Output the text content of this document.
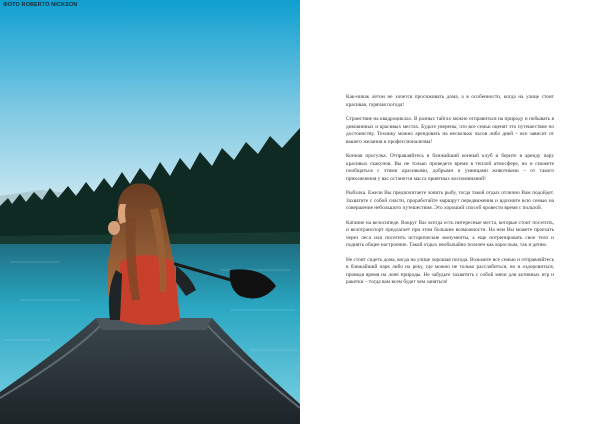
ФОТО ROBERTO NICKSON

Как-никак летом не хочется просиживать дома, а в особенности, когда на улице стоит красивая, горячая погода!

Странствие на квадроциклах. В разных тайгах можно отправиться на природу и побывать в диковинных и красивых местах. Будьте уверены, что все семьи оценят это путешествие по достоинству. Технику можно арендовать на несколько часов либо дней – все зависит от вашего желания и профессионализма!

Конная прогулка. Отправляйтесь в ближайший конный клуб и берите в аренду пару красивых скакунов. Вы не только проведете время в теплой атмосфере, но и сможете пообщаться с этими красивыми, добрыми и умницами животными – от такого приключения у вас останется масса приятных воспоминаний!

Рыбалка. Ежели Вы предпочитаете ловить рыбу, тогда такой отдых отлично Вам подойдет. Захватите с собой снасти, проработайте маршрут передвижения и вдохните всю семью на совершение небольшого путешествия. Это хороший способ провести время с пользой.

Катание на велосипеде. Вокруг Вас всегда есть интересные места, которые стоит посетить, и велотранспорт предлагает при этом большие возможности. На нем Вы можете проехать через леса или посетить исторические монументы, а еще потренировать свое тело и поднять общее настроение. Такой отдых необычайно полезен как взрослым, так и детям.

Не стоит сидеть дома, когда на улице хорошая погода. Возьмите все семью и отправляйтесь в ближайший парк либо на реку, где можно не только расслабиться, но и оздоровиться, проведя время на лоне природы. Не забудьте захватить с собой мячи для активных игр и ракетки – тогда вам всем будет чем заняться!
